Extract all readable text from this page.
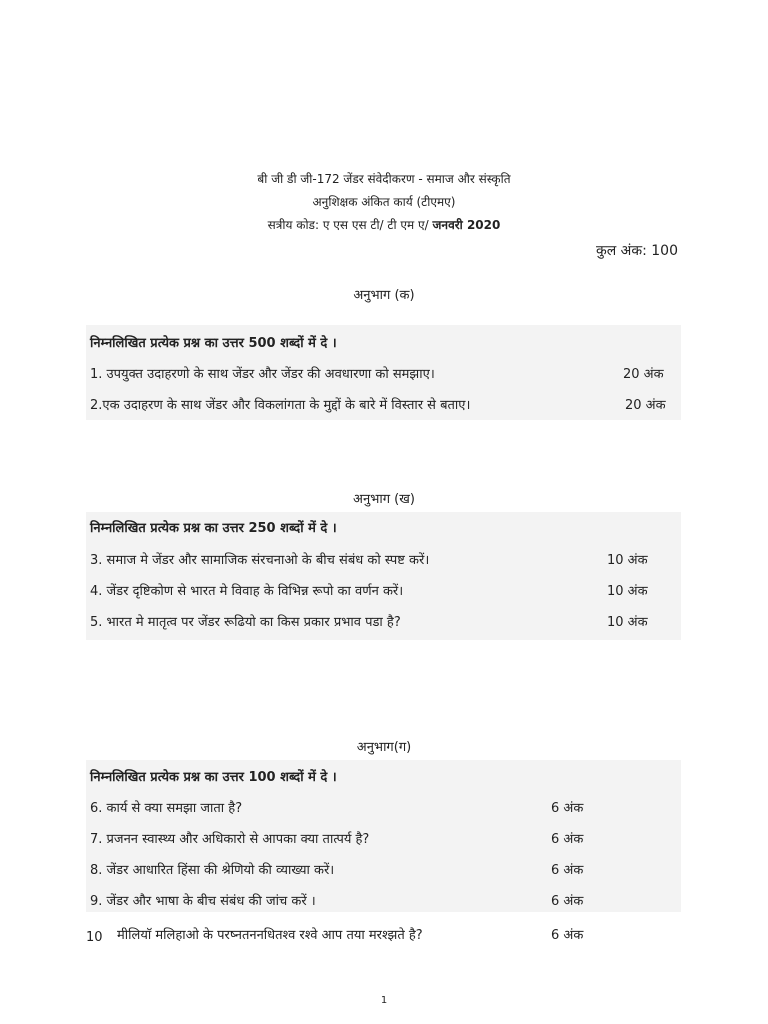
बी जी डी जी-172 जेंडर संवेदीकरण - समाज और संस्कृति
अनुशिक्षक अंकित कार्य (टीएमए)
सत्रीय कोड: ए एस एस टी/ टी एम ए/ जनवरी 2020
कुल अंक: 100
अनुभाग (क)
निम्नलिखित प्रत्येक प्रश्न का उत्तर 500 शब्दों में दे ।
1. उपयुक्त उदाहरणो के साथ जेंडर और जेंडर की अवधारणा को समझाए।	20 अंक
2.एक उदाहरण के साथ जेंडर और विकलांगता के मुद्दों के बारे में विस्तार से बताए।	20 अंक
अनुभाग (ख)
निम्नलिखित प्रत्येक प्रश्न का उत्तर 250 शब्दों में दे ।
3. समाज मे जेंडर और सामाजिक संरचनाओ के बीच संबंध को स्पष्ट करें।	10 अंक
4. जेंडर दृष्टिकोण से भारत मे विवाह के विभिन्न रूपो का वर्णन करें।	10 अंक
5. भारत मे मातृत्व पर जेंडर रूढियो का किस प्रकार प्रभाव पडा है?	10 अंक
अनुभाग(ग)
निम्नलिखित प्रत्येक प्रश्न का उत्तर 100 शब्दों में दे ।
6. कार्य से क्या समझा जाता है?	6 अंक
7. प्रजनन स्वास्थ्य और अधिकारो से आपका क्या तात्पर्य है?	6 अंक
8. जेंडर आधारित हिंसा की श्रेणियो की व्याख्या करें।	6 अंक
9. जेंडर और भाषा के बीच संबंध की जांच करें ।	6 अंक
10 मीलियाॅ मलिहाओ के परष्नतननधितश्व रश्वे आप तया मरश्झते है?	6 अंक
1
